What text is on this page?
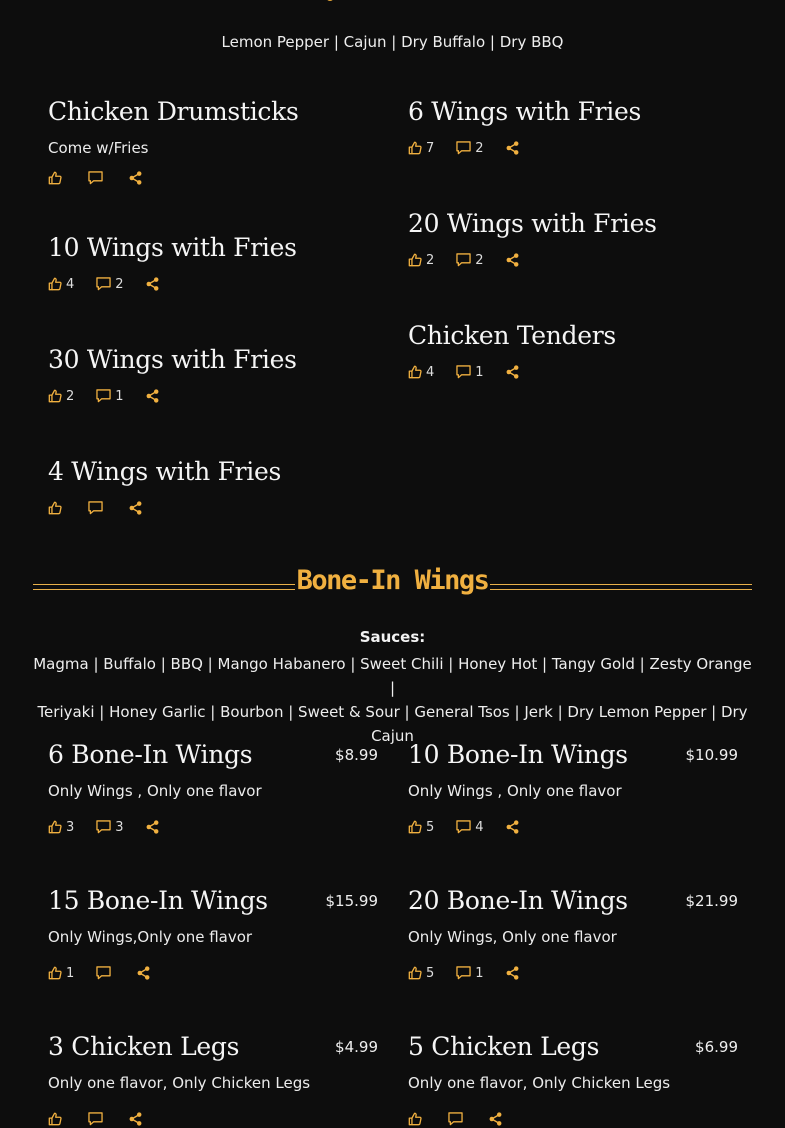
Lemon Pepper | Cajun | Dry Buffalo | Dry BBQ
Chicken Drumsticks
Come w/Fries
10 Wings with Fries
4	2
30 Wings with Fries
2	1
4 Wings with Fries
6 Wings with Fries
7	2
20 Wings with Fries
2	2
Chicken Tenders
4	1
Bone-In Wings
Sauces:
Magma | Buffalo | BBQ | Mango Habanero | Sweet Chili | Honey Hot | Tangy Gold | Zesty Orange |
Teriyaki | Honey Garlic | Bourbon | Sweet & Sour | General Tsos | Jerk | Dry Lemon Pepper | Dry Cajun
6 Bone-In Wings	$8.99
Only Wings , Only one flavor
3	3
10 Bone-In Wings	$10.99
Only Wings , Only one flavor
5	4
15 Bone-In Wings	$15.99
Only Wings,Only one flavor
1
20 Bone-In Wings	$21.99
Only Wings, Only one flavor
5	1
3 Chicken Legs	$4.99
Only one flavor, Only Chicken Legs
5 Chicken Legs	$6.99
Only one flavor, Only Chicken Legs
